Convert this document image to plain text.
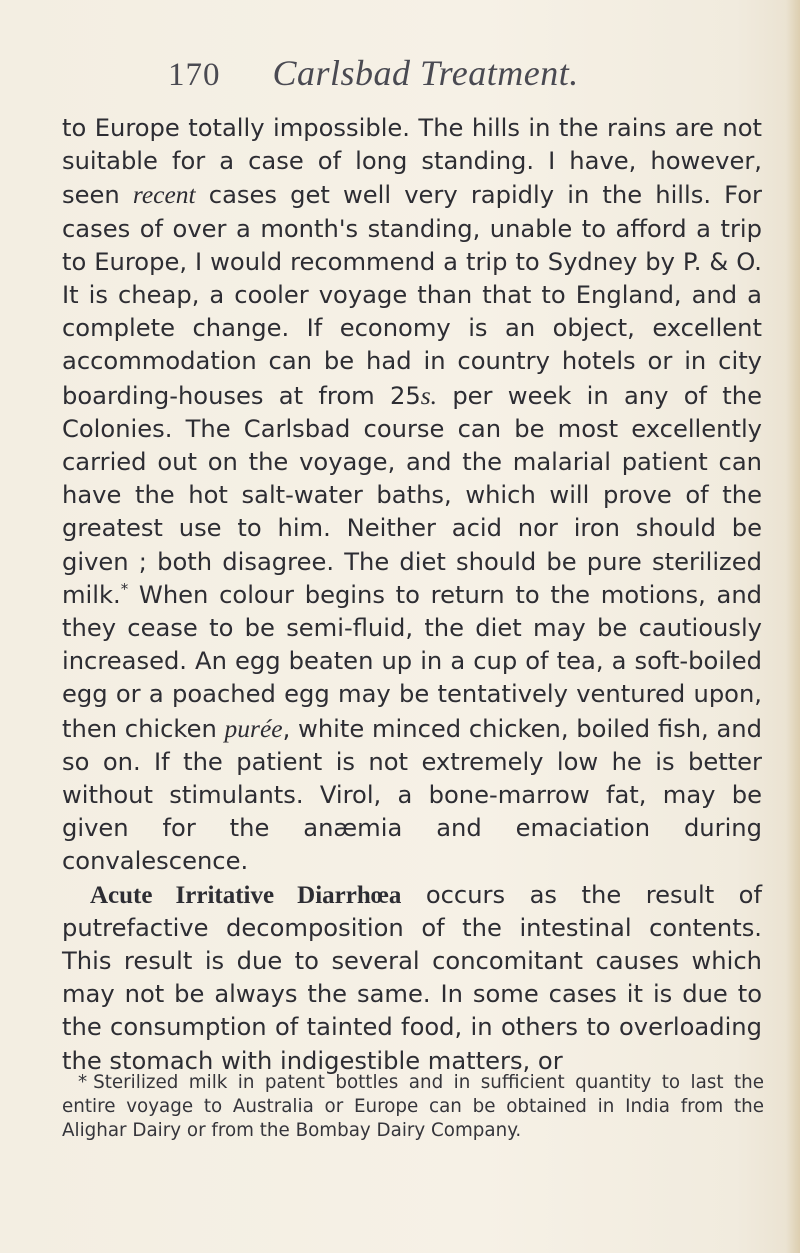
170 Carlsbad Treatment.

to Europe totally impossible. The hills in the rains are not suitable for a case of long standing. I have, however, seen recent cases get well very rapidly in the hills. For cases of over a month's standing, unable to afford a trip to Europe, I would recommend a trip to Sydney by P. & O. It is cheap, a cooler voyage than that to England, and a complete change. If economy is an object, excellent accommodation can be had in country hotels or in city boarding-houses at from 25s. per week in any of the Colonies. The Carlsbad course can be most excellently carried out on the voyage, and the malarial patient can have the hot salt-water baths, which will prove of the greatest use to him. Neither acid nor iron should be given ; both disagree. The diet should be pure sterilized milk.* When colour begins to return to the motions, and they cease to be semi-fluid, the diet may be cautiously increased. An egg beaten up in a cup of tea, a soft-boiled egg or a poached egg may be tentatively ventured upon, then chicken purée, white minced chicken, boiled fish, and so on. If the patient is not extremely low he is better without stimulants. Virol, a bone-marrow fat, may be given for the anæmia and emaciation during convalescence.

Acute Irritative Diarrhœa occurs as the result of putrefactive decomposition of the intestinal contents. This result is due to several concomitant causes which may not be always the same. In some cases it is due to the consumption of tainted food, in others to overloading the stomach with indigestible matters, or

* Sterilized milk in patent bottles and in sufficient quantity to last the entire voyage to Australia or Europe can be obtained in India from the Alighar Dairy or from the Bombay Dairy Company.
